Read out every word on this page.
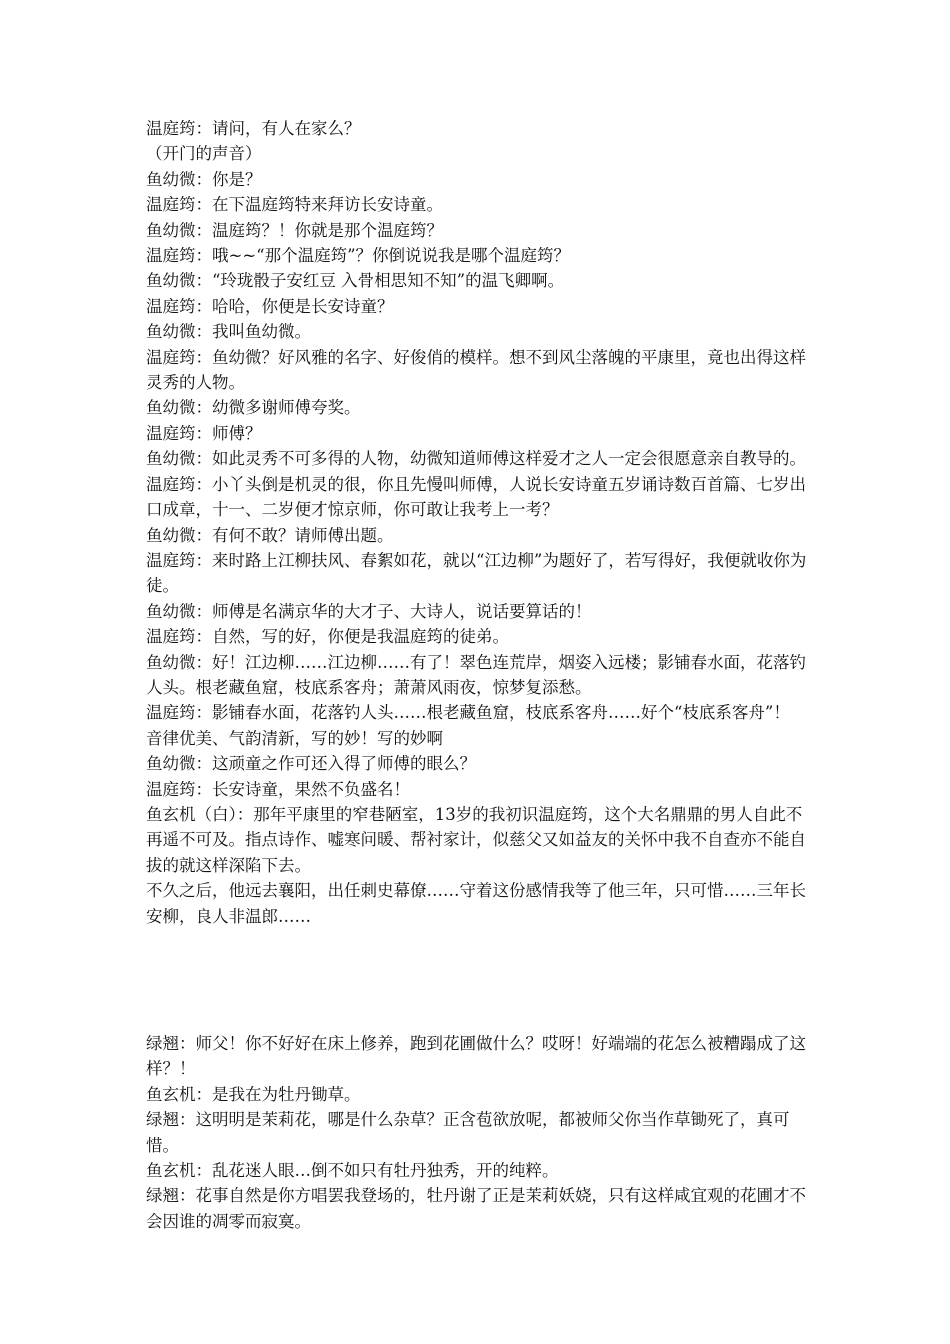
温庭筠：请问，有人在家么？

（开门的声音）

鱼幼微：你是？

温庭筠：在下温庭筠特来拜访长安诗童。

鱼幼微：温庭筠？！你就是那个温庭筠？

温庭筠：哦~~“那个温庭筠”？你倒说说我是哪个温庭筠？

鱼幼微：“玲珑骰子安红豆 入骨相思知不知”的温飞卿啊。

温庭筠：哈哈，你便是长安诗童？

鱼幼微：我叫鱼幼微。

温庭筠：鱼幼微？好风雅的名字、好俊俏的模样。想不到风尘落魄的平康里，竟也出得这样灵秀的人物。

鱼幼微：幼微多谢师傅夸奖。

温庭筠：师傅？

鱼幼微：如此灵秀不可多得的人物，幼微知道师傅这样爱才之人一定会很愿意亲自教导的。

温庭筠：小丫头倒是机灵的很，你且先慢叫师傅，人说长安诗童五岁诵诗数百首篇、七岁出口成章，十一、二岁便才惊京师，你可敢让我考上一考？

鱼幼微：有何不敢？请师傅出题。

温庭筠：来时路上江柳扶风、春絮如花，就以“江边柳”为题好了，若写得好，我便就收你为徒。

鱼幼微：师傅是名满京华的大才子、大诗人，说话要算话的！

温庭筠：自然，写的好，你便是我温庭筠的徒弟。

鱼幼微：好！江边柳……江边柳……有了！翠色连荒岸，烟姿入远楼；影铺春水面，花落钓人头。根老藏鱼窟，枝底系客舟；萧萧风雨夜，惊梦复添愁。

温庭筠：影铺春水面，花落钓人头……根老藏鱼窟，枝底系客舟……好个“枝底系客舟”！　音律优美、气韵清新，写的妙！写的妙啊

鱼幼微：这顽童之作可还入得了师傅的眼么？

温庭筠：长安诗童，果然不负盛名！

鱼玄机（白）：那年平康里的窄巷陋室，13岁的我初识温庭筠，这个大名鼎鼎的男人自此不再遥不可及。指点诗作、嘘寒问暖、帮衬家计，似慈父又如益友的关怀中我不自查亦不能自拔的就这样深陷下去。

不久之后，他远去襄阳，出任刺史幕僚……守着这份感情我等了他三年，只可惜……三年长安柳，良人非温郎……

绿翘：师父！你不好好在床上修养，跑到花圃做什么？哎呀！好端端的花怎么被糟蹋成了这样？！

鱼玄机：是我在为牡丹锄草。

绿翘：这明明是茉莉花，哪是什么杂草？正含苞欲放呢，都被师父你当作草锄死了，真可惜。

鱼玄机：乱花迷人眼…倒不如只有牡丹独秀，开的纯粹。

绿翘：花事自然是你方唱罢我登场的，牡丹谢了正是茉莉妖娆，只有这样咸宜观的花圃才不会因谁的凋零而寂寞。
